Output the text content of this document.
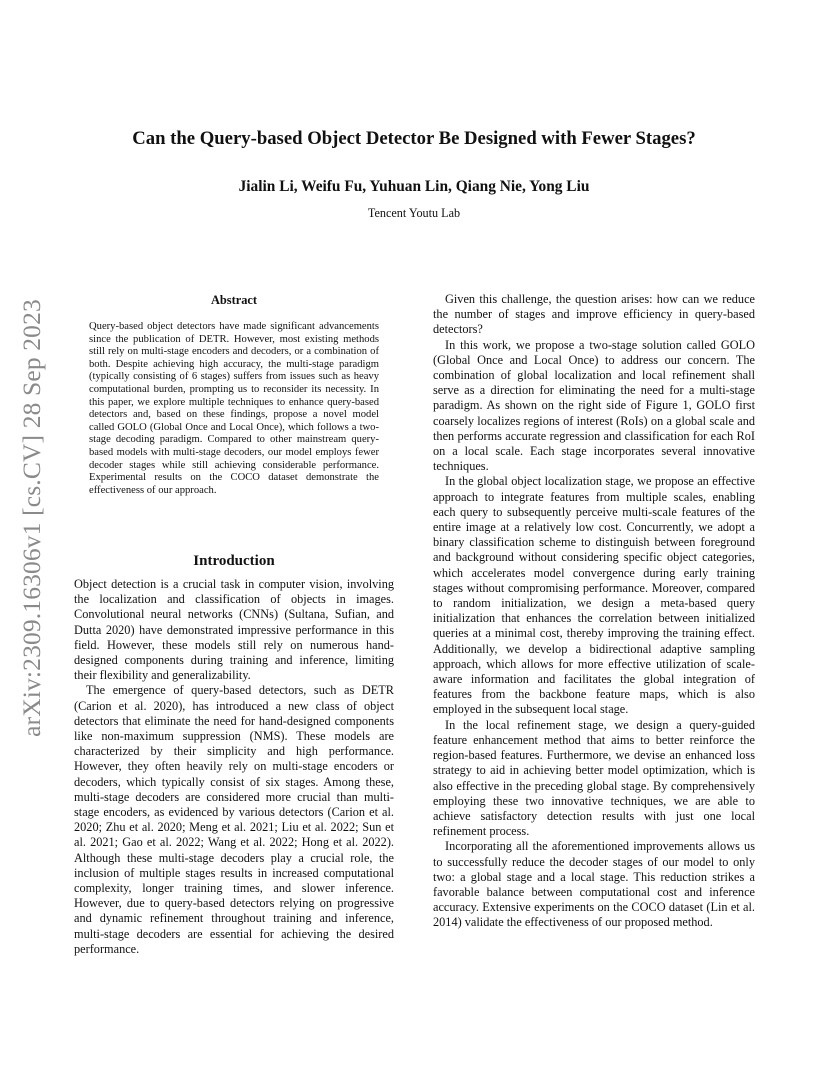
arXiv:2309.16306v1 [cs.CV] 28 Sep 2023
Can the Query-based Object Detector Be Designed with Fewer Stages?
Jialin Li, Weifu Fu, Yuhuan Lin, Qiang Nie, Yong Liu
Tencent Youtu Lab
Abstract
Query-based object detectors have made significant advancements since the publication of DETR. However, most existing methods still rely on multi-stage encoders and decoders, or a combination of both. Despite achieving high accuracy, the multi-stage paradigm (typically consisting of 6 stages) suffers from issues such as heavy computational burden, prompting us to reconsider its necessity. In this paper, we explore multiple techniques to enhance query-based detectors and, based on these findings, propose a novel model called GOLO (Global Once and Local Once), which follows a two-stage decoding paradigm. Compared to other mainstream query-based models with multi-stage decoders, our model employs fewer decoder stages while still achieving considerable performance. Experimental results on the COCO dataset demonstrate the effectiveness of our approach.
Introduction

Object detection is a crucial task in computer vision, involving the localization and classification of objects in images. Convolutional neural networks (CNNs) (Sultana, Sufian, and Dutta 2020) have demonstrated impressive performance in this field. However, these models still rely on numerous hand-designed components during training and inference, limiting their flexibility and generalizability.

The emergence of query-based detectors, such as DETR (Carion et al. 2020), has introduced a new class of object detectors that eliminate the need for hand-designed components like non-maximum suppression (NMS). These models are characterized by their simplicity and high performance. However, they often heavily rely on multi-stage encoders or decoders, which typically consist of six stages. Among these, multi-stage decoders are considered more crucial than multi-stage encoders, as evidenced by various detectors (Carion et al. 2020; Zhu et al. 2020; Meng et al. 2021; Liu et al. 2022; Sun et al. 2021; Gao et al. 2022; Wang et al. 2022; Hong et al. 2022). Although these multi-stage decoders play a crucial role, the inclusion of multiple stages results in increased computational complexity, longer training times, and slower inference. However, due to query-based detectors relying on progressive and dynamic refinement throughout training and inference, multi-stage decoders are essential for achieving the desired performance.

Given this challenge, the question arises: how can we reduce the number of stages and improve efficiency in query-based detectors?

In this work, we propose a two-stage solution called GOLO (Global Once and Local Once) to address our concern. The combination of global localization and local refinement shall serve as a direction for eliminating the need for a multi-stage paradigm. As shown on the right side of Figure 1, GOLO first coarsely localizes regions of interest (RoIs) on a global scale and then performs accurate regression and classification for each RoI on a local scale. Each stage incorporates several innovative techniques.

In the global object localization stage, we propose an effective approach to integrate features from multiple scales, enabling each query to subsequently perceive multi-scale features of the entire image at a relatively low cost. Concurrently, we adopt a binary classification scheme to distinguish between foreground and background without considering specific object categories, which accelerates model convergence during early training stages without compromising performance. Moreover, compared to random initialization, we design a meta-based query initialization that enhances the correlation between initialized queries at a minimal cost, thereby improving the training effect. Additionally, we develop a bidirectional adaptive sampling approach, which allows for more effective utilization of scale-aware information and facilitates the global integration of features from the backbone feature maps, which is also employed in the subsequent local stage.

In the local refinement stage, we design a query-guided feature enhancement method that aims to better reinforce the region-based features. Furthermore, we devise an enhanced loss strategy to aid in achieving better model optimization, which is also effective in the preceding global stage. By comprehensively employing these two innovative techniques, we are able to achieve satisfactory detection results with just one local refinement process.

Incorporating all the aforementioned improvements allows us to successfully reduce the decoder stages of our model to only two: a global stage and a local stage. This reduction strikes a favorable balance between computational cost and inference accuracy. Extensive experiments on the COCO dataset (Lin et al. 2014) validate the effectiveness of our proposed method.
